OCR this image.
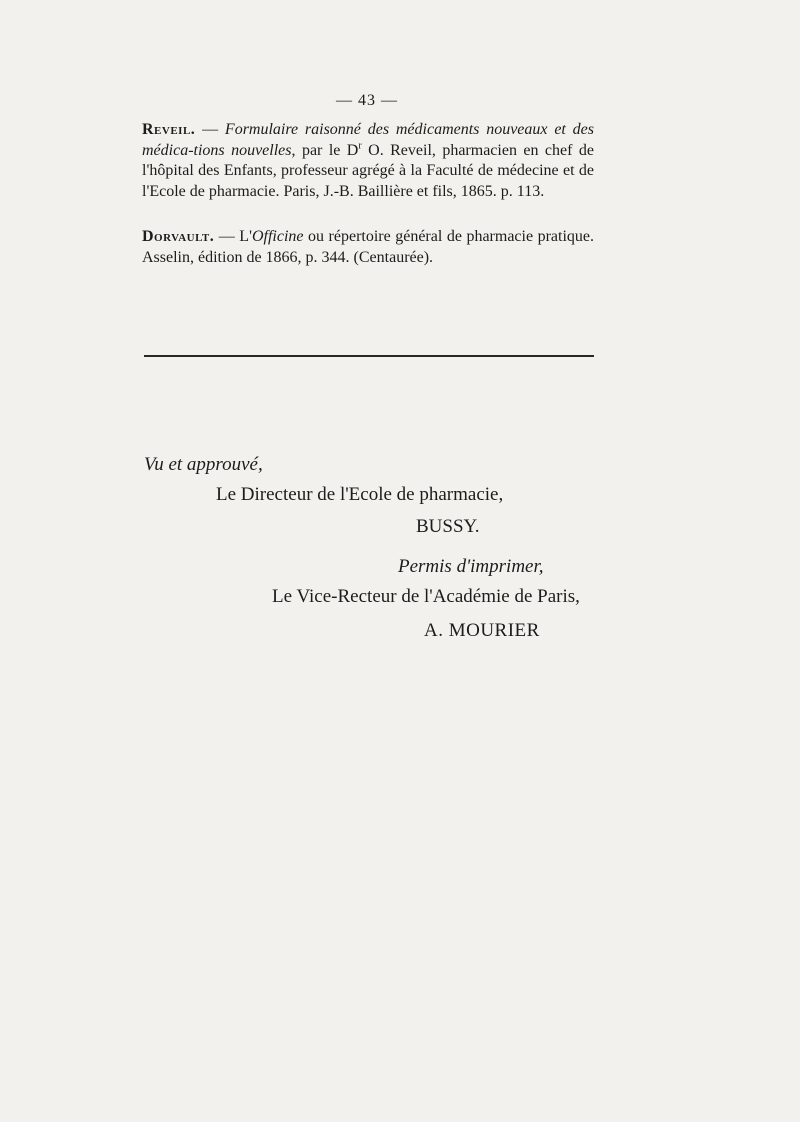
— 43 —
Reveil. — Formulaire raisonné des médicaments nouveaux et des médica-tions nouvelles, par le $D^r$ O. Reveil, pharmacien en chef de l'hôpital des Enfants, professeur agrégé à la Faculté de médecine et de l'Ecole de pharmacie. Paris, J.-B. Baillière et fils, 1865. p. 113.
Dorvault. — L'Officine ou répertoire général de pharmacie pratique. Asselin, édition de 1866, p. 344. (Centaurée).
Vu et approuvé,
Le Directeur de l'Ecole de pharmacie,
BUSSY.
Permis d'imprimer,
Le Vice-Recteur de l'Académie de Paris,
A. MOURIER
